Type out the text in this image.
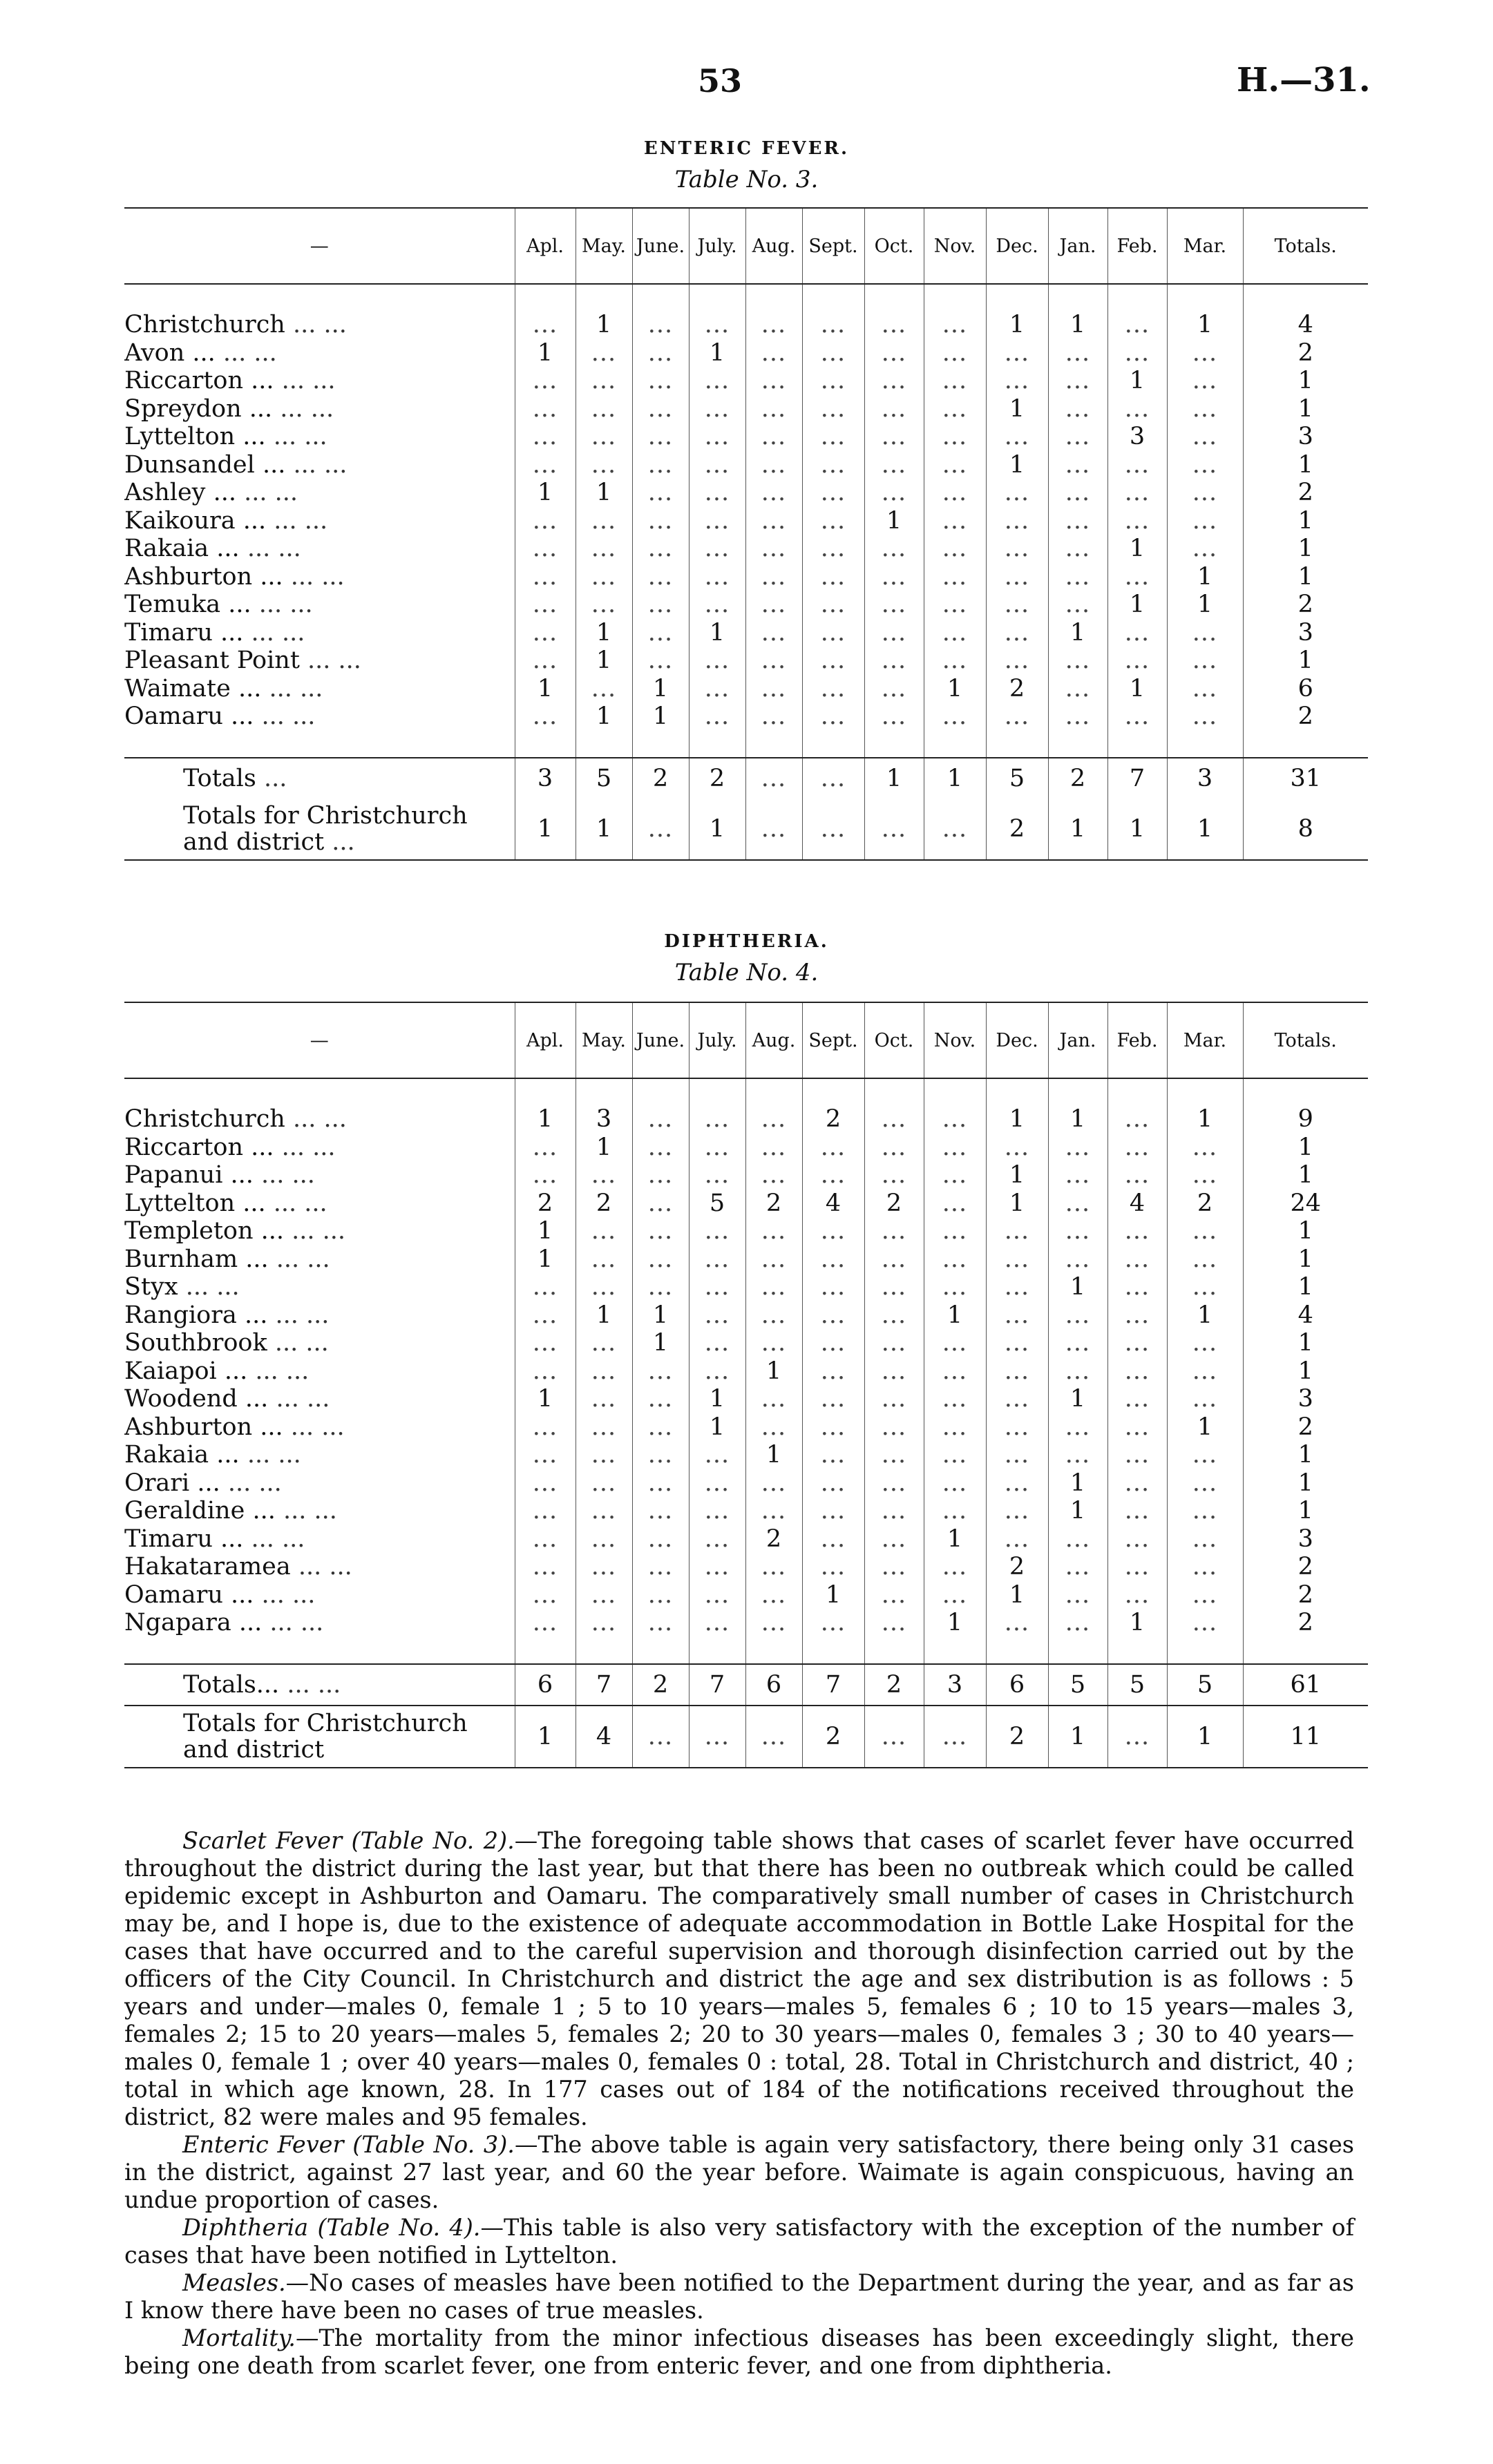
53	H.—31.
ENTERIC FEVER.
Table No. 3.
—	Apl.	May.	June.	July.	Aug.	Sept.	Oct.	Nov.	Dec.	Jan.	Feb.	Mar.	Totals.	

Christchurch ... ...	...	1	...	...	...	...	...	...	1	1	...	1	4	
Avon ... ... ...	1	...	...	1	...	...	...	...	...	...	...	...	2	
Riccarton ... ... ...	...	...	...	...	...	...	...	...	...	...	1	...	1	
Spreydon ... ... ...	...	...	...	...	...	...	...	...	1	...	...	...	1	
Lyttelton ... ... ...	...	...	...	...	...	...	...	...	...	...	3	...	3	
Dunsandel ... ... ...	...	...	...	...	...	...	...	...	1	...	...	...	1	
Ashley ... ... ...	1	1	...	...	...	...	...	...	...	...	...	...	2	
Kaikoura ... ... ...	...	...	...	...	...	...	1	...	...	...	...	...	1	
Rakaia ... ... ...	...	...	...	...	...	...	...	...	...	...	1	...	1	
Ashburton ... ... ...	...	...	...	...	...	...	...	...	...	...	...	1	1	
Temuka ... ... ...	...	...	...	...	...	...	...	...	...	...	1	1	2	
Timaru ... ... ...	...	1	...	1	...	...	...	...	...	1	...	...	3	
Pleasant Point ... ...	...	1	...	...	...	...	...	...	...	...	...	...	1	
Waimate ... ... ...	1	...	1	...	...	...	...	1	2	...	1	...	6	
Oamaru ... ... ...	...	1	1	...	...	...	...	...	...	...	...	...	2	

Totals ...	3	5	2	2	...	...	1	1	5	2	7	3	31	
Totals for Christchurch and district ...	1	1	...	1	...	...	...	...	2	1	1	1	8	
DIPHTHERIA.
Table No. 4.
—	Apl.	May.	June.	July.	Aug.	Sept.	Oct.	Nov.	Dec.	Jan.	Feb.	Mar.	Totals.	

Christchurch ... ...	1	3	...	...	...	2	...	...	1	1	...	1	9	
Riccarton ... ... ...	...	1	...	...	...	...	...	...	...	...	...	...	1	
Papanui ... ... ...	...	...	...	...	...	...	...	...	1	...	...	...	1	
Lyttelton ... ... ...	2	2	...	5	2	4	2	...	1	...	4	2	24	
Templeton ... ... ...	1	...	...	...	...	...	...	...	...	...	...	...	1	
Burnham ... ... ...	1	...	...	...	...	...	...	...	...	...	...	...	1	
Styx ... ...	...	...	...	...	...	...	...	...	...	1	...	...	1	
Rangiora ... ... ...	...	1	1	...	...	...	...	1	...	...	...	1	4	
Southbrook ... ...	...	...	1	...	...	...	...	...	...	...	...	...	1	
Kaiapoi ... ... ...	...	...	...	...	1	...	...	...	...	...	...	...	1	
Woodend ... ... ...	1	...	...	1	...	...	...	...	...	1	...	...	3	
Ashburton ... ... ...	...	...	...	1	...	...	...	...	...	...	...	1	2	
Rakaia ... ... ...	...	...	...	...	1	...	...	...	...	...	...	...	1	
Orari ... ... ...	...	...	...	...	...	...	...	...	...	1	...	...	1	
Geraldine ... ... ...	...	...	...	...	...	...	...	...	...	1	...	...	1	
Timaru ... ... ...	...	...	...	...	2	...	...	1	...	...	...	...	3	
Hakataramea ... ...	...	...	...	...	...	...	...	...	2	...	...	...	2	
Oamaru ... ... ...	...	...	...	...	...	1	...	...	1	...	...	...	2	
Ngapara ... ... ...	...	...	...	...	...	...	...	1	...	...	1	...	2	

Totals... ... ...	6	7	2	7	6	7	2	3	6	5	5	5	61	
Totals for Christchurch and district	1	4	...	...	...	2	...	...	2	1	...	1	11	

Scarlet Fever (Table No. 2).—The foregoing table shows that cases of scarlet fever have occurred throughout the district during the last year, but that there has been no outbreak which could be called epidemic except in Ashburton and Oamaru. The comparatively small number of cases in Christchurch may be, and I hope is, due to the existence of adequate accommodation in Bottle Lake Hospital for the cases that have occurred and to the careful supervision and thorough disinfection carried out by the officers of the City Council. In Christchurch and district the age and sex distribution is as follows : 5 years and under—males 0, female 1 ; 5 to 10 years—males 5, females 6 ; 10 to 15 years—males 3, females 2; 15 to 20 years—males 5, females 2; 20 to 30 years—males 0, females 3 ; 30 to 40 years—males 0, female 1 ; over 40 years—males 0, females 0 : total, 28. Total in Christchurch and district, 40 ; total in which age known, 28. In 177 cases out of 184 of the notifications received throughout the district, 82 were males and 95 females.

Enteric Fever (Table No. 3).—The above table is again very satisfactory, there being only 31 cases in the district, against 27 last year, and 60 the year before. Waimate is again conspicuous, having an undue proportion of cases.

Diphtheria (Table No. 4).—This table is also very satisfactory with the exception of the number of cases that have been notified in Lyttelton.

Measles.—No cases of measles have been notified to the Department during the year, and as far as I know there have been no cases of true measles.

Mortality.—The mortality from the minor infectious diseases has been exceedingly slight, there being one death from scarlet fever, one from enteric fever, and one from diphtheria.
